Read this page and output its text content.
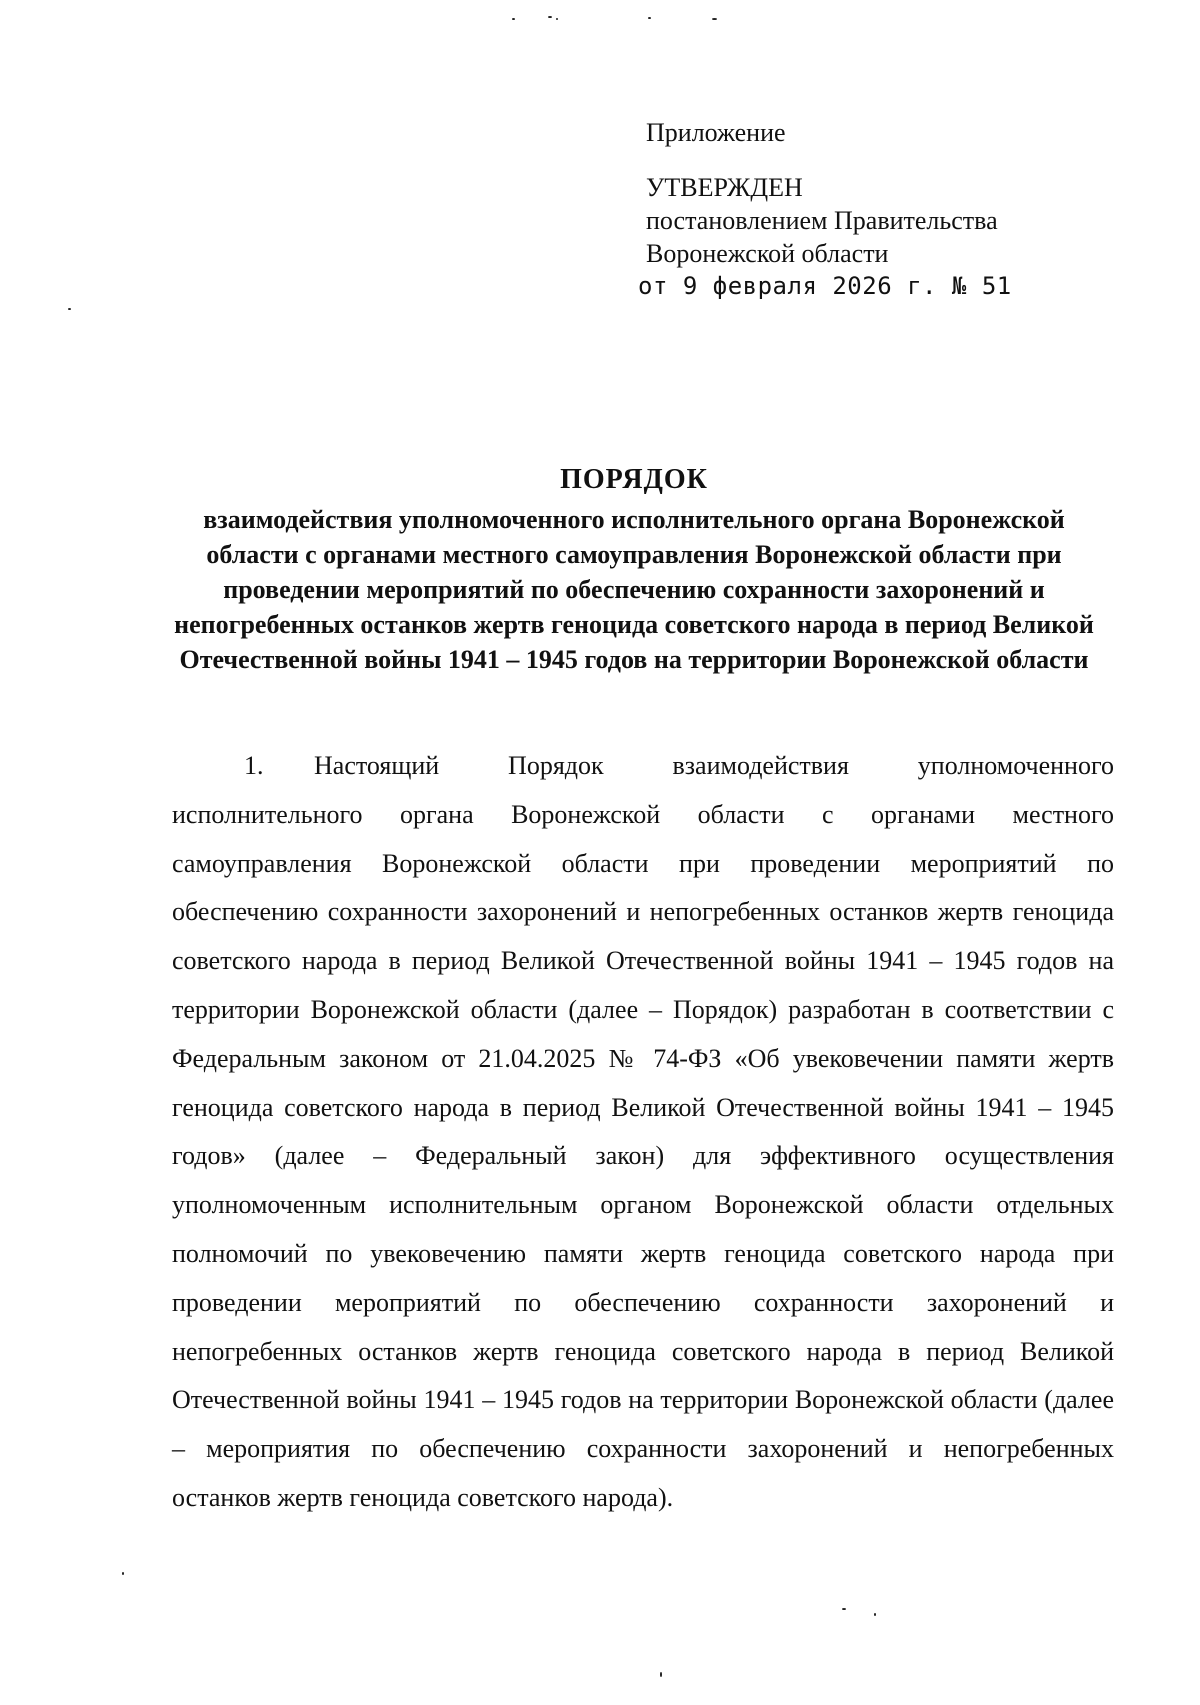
Приложение
УТВЕРЖДЕН
постановлением Правительства
Воронежской области
от 9 февраля 2026 г. № 51
ПОРЯДОК
взаимодействия уполномоченного исполнительного органа Воронежской области с органами местного самоуправления Воронежской области при проведении мероприятий по обеспечению сохранности захоронений и непогребенных останков жертв геноцида советского народа в период Великой Отечественной войны 1941 – 1945 годов на территории Воронежской области
1. Настоящий Порядок взаимодействия уполномоченного исполнительного органа Воронежской области с органами местного самоуправления Воронежской области при проведении мероприятий по обеспечению сохранности захоронений и непогребенных останков жертв геноцида советского народа в период Великой Отечественной войны 1941 – 1945 годов на территории Воронежской области (далее – Порядок) разработан в соответствии с Федеральным законом от 21.04.2025 № 74-ФЗ «Об увековечении памяти жертв геноцида советского народа в период Великой Отечественной войны 1941 – 1945 годов» (далее – Федеральный закон) для эффективного осуществления уполномоченным исполнительным органом Воронежской области отдельных полномочий по увековечению памяти жертв геноцида советского народа при проведении мероприятий по обеспечению сохранности захоронений и непогребенных останков жертв геноцида советского народа в период Великой Отечественной войны 1941 – 1945 годов на территории Воронежской области (далее – мероприятия по обеспечению сохранности захоронений и непогребенных останков жертв геноцида советского народа).
